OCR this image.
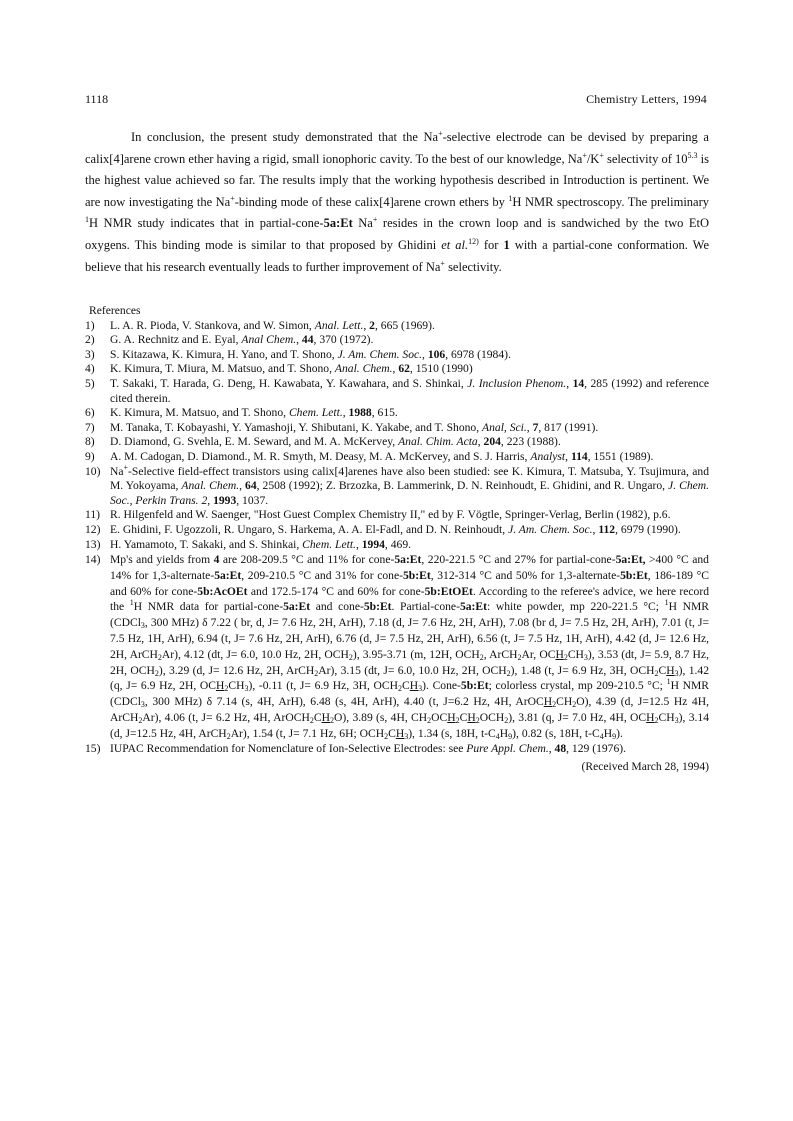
1118	Chemistry Letters, 1994

In conclusion, the present study demonstrated that the Na+-selective electrode can be devised by preparing a calix[4]arene crown ether having a rigid, small ionophoric cavity. To the best of our knowledge, Na+/K+ selectivity of $10^{5.3}$ is the highest value achieved so far. The results imply that the working hypothesis described in Introduction is pertinent. We are now investigating the Na+-binding mode of these calix[4]arene crown ethers by $^1$H NMR spectroscopy. The preliminary $^1$H NMR study indicates that in partial-cone-5a:Et Na+ resides in the crown loop and is sandwiched by the two EtO oxygens. This binding mode is similar to that proposed by Ghidini et al.$^{12)}$ for 1 with a partial-cone conformation. We believe that his research eventually leads to further improvement of Na+ selectivity.

References

1) L. A. R. Pioda, V. Stankova, and W. Simon, Anal. Lett., 2, 665 (1969).

2) G. A. Rechnitz and E. Eyal, Anal Chem., 44, 370 (1972).

3) S. Kitazawa, K. Kimura, H. Yano, and T. Shono, J. Am. Chem. Soc., 106, 6978 (1984).

4) K. Kimura, T. Miura, M. Matsuo, and T. Shono, Anal. Chem., 62, 1510 (1990)

5) T. Sakaki, T. Harada, G. Deng, H. Kawabata, Y. Kawahara, and S. Shinkai, J. Inclusion Phenom., 14, 285 (1992) and reference cited therein.

6) K. Kimura, M. Matsuo, and T. Shono, Chem. Lett., 1988, 615.

7) M. Tanaka, T. Kobayashi, Y. Yamashoji, Y. Shibutani, K. Yakabe, and T. Shono, Anal, Sci., 7, 817 (1991).

8) D. Diamond, G. Svehla, E. M. Seward, and M. A. McKervey, Anal. Chim. Acta, 204, 223 (1988).

9) A. M. Cadogan, D. Diamond., M. R. Smyth, M. Deasy, M. A. McKervey, and S. J. Harris, Analyst, 114, 1551 (1989).

10) Na+-Selective field-effect transistors using calix[4]arenes have also been studied: see K. Kimura, T. Matsuba, Y. Tsujimura, and M. Yokoyama, Anal. Chem., 64, 2508 (1992); Z. Brzozka, B. Lammerink, D. N. Reinhoudt, E. Ghidini, and R. Ungaro, J. Chem. Soc., Perkin Trans. 2, 1993, 1037.

11) R. Hilgenfeld and W. Saenger, "Host Guest Complex Chemistry II," ed by F. Vögtle, Springer-Verlag, Berlin (1982), p.6.

12) E. Ghidini, F. Ugozzoli, R. Ungaro, S. Harkema, A. A. El-Fadl, and D. N. Reinhoudt, J. Am. Chem. Soc., 112, 6979 (1990).

13) H. Yamamoto, T. Sakaki, and S. Shinkai, Chem. Lett., 1994, 469.

14) Mp's and yields from 4 are 208-209.5 °C and 11% for cone-5a:Et, 220-221.5 °C and 27% for partial-cone-5a:Et, >400 °C and 14% for 1,3-alternate-5a:Et, 209-210.5 °C and 31% for cone-5b:Et, 312-314 °C and 50% for 1,3-alternate-5b:Et, 186-189 °C and 60% for cone-5b:AcOEt and 172.5-174 °C and 60% for cone-5b:EtOEt. According to the referee's advice, we here record the $^1$H NMR data for partial-cone-5a:Et and cone-5b:Et. Partial-cone-5a:Et: white powder, mp 220-221.5 °C; $^1$H NMR (CDCl$_3$, 300 MHz) δ 7.22 ( br, d, J= 7.6 Hz, 2H, ArH), 7.18 (d, J= 7.6 Hz, 2H, ArH), 7.08 (br d, J= 7.5 Hz, 2H, ArH), 7.01 (t, J= 7.5 Hz, 1H, ArH), 6.94 (t, J= 7.6 Hz, 2H, ArH), 6.76 (d, J= 7.5 Hz, 2H, ArH), 6.56 (t, J= 7.5 Hz, 1H, ArH), 4.42 (d, J= 12.6 Hz, 2H, ArCH$_2$Ar), 4.12 (dt, J= 6.0, 10.0 Hz, 2H, $OCH_2$), 3.95-3.71 (m, 12H, $OCH_2$, ArCH$_2$Ar, $OCH_2CH_3$), 3.53 (dt, J= 5.9, 8.7 Hz, 2H, $OCH_2$), 3.29 (d, J= 12.6 Hz, 2H, ArCH$_2$Ar), 3.15 (dt, J= 6.0, 10.0 Hz, 2H, $OCH_2$), 1.48 (t, J= 6.9 Hz, 3H, $OCH_2CH_3$), 1.42 (q, J= 6.9 Hz, 2H, $OCH_2CH_3$), -0.11 (t, J= 6.9 Hz, 3H, $OCH_2CH_3$). Cone-5b:Et; colorless crystal, mp 209-210.5 °C; $^1$H NMR (CDCl$_3$, 300 MHz) δ 7.14 (s, 4H, ArH), 6.48 (s, 4H, ArH), 4.40 (t, J=6.2 Hz, 4H, $ArOCH_2CH_2O$), 4.39 (d, J=12.5 Hz 4H, ArCH$_2$Ar), 4.06 (t, J= 6.2 Hz, 4H, $ArOCH_2CH_2O$), 3.89 (s, 4H, $CH_2OCH_2CH_2OCH_2$), 3.81 (q, J= 7.0 Hz, 4H, $OCH_2CH_3$), 3.14 (d, J=12.5 Hz, 4H, ArCH$_2$Ar), 1.54 (t, J= 7.1 Hz, 6H; $OCH_2CH_3$), 1.34 (s, 18H, $t-C_4H_9$), 0.82 (s, 18H, $t-C_4H_9$).

15) IUPAC Recommendation for Nomenclature of Ion-Selective Electrodes: see Pure Appl. Chem., 48, 129 (1976).

(Received March 28, 1994)
